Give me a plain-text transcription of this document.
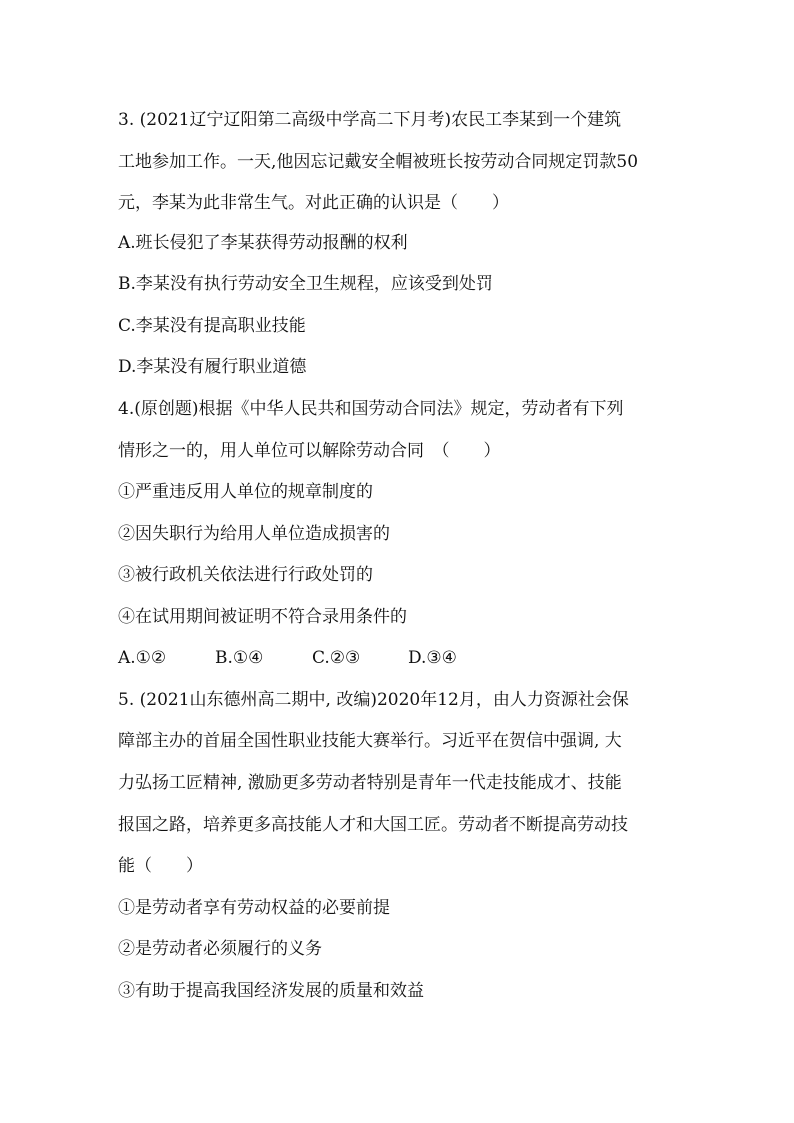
3. (2021辽宁辽阳第二高级中学高二下月考)农民工李某到一个建筑
工地参加工作。一天,他因忘记戴安全帽被班长按劳动合同规定罚款50
元，李某为此非常生气。对此正确的认识是（　　）
A.班长侵犯了李某获得劳动报酬的权利
B.李某没有执行劳动安全卫生规程，应该受到处罚
C.李某没有提高职业技能
D.李某没有履行职业道德
4.(原创题)根据《中华人民共和国劳动合同法》规定，劳动者有下列
情形之一的，用人单位可以解除劳动合同　（　　）
①严重违反用人单位的规章制度的
②因失职行为给用人单位造成损害的
③被行政机关依法进行行政处罚的
④在试用期间被证明不符合录用条件的
A.①②	B.①④	C.②③	D.③④
5. (2021山东德州高二期中, 改编)2020年12月，由人力资源社会保
障部主办的首届全国性职业技能大赛举行。习近平在贺信中强调, 大
力弘扬工匠精神, 激励更多劳动者特别是青年一代走技能成才、技能
报国之路，培养更多高技能人才和大国工匠。劳动者不断提高劳动技
能（　　）
①是劳动者享有劳动权益的必要前提
②是劳动者必须履行的义务
③有助于提高我国经济发展的质量和效益
